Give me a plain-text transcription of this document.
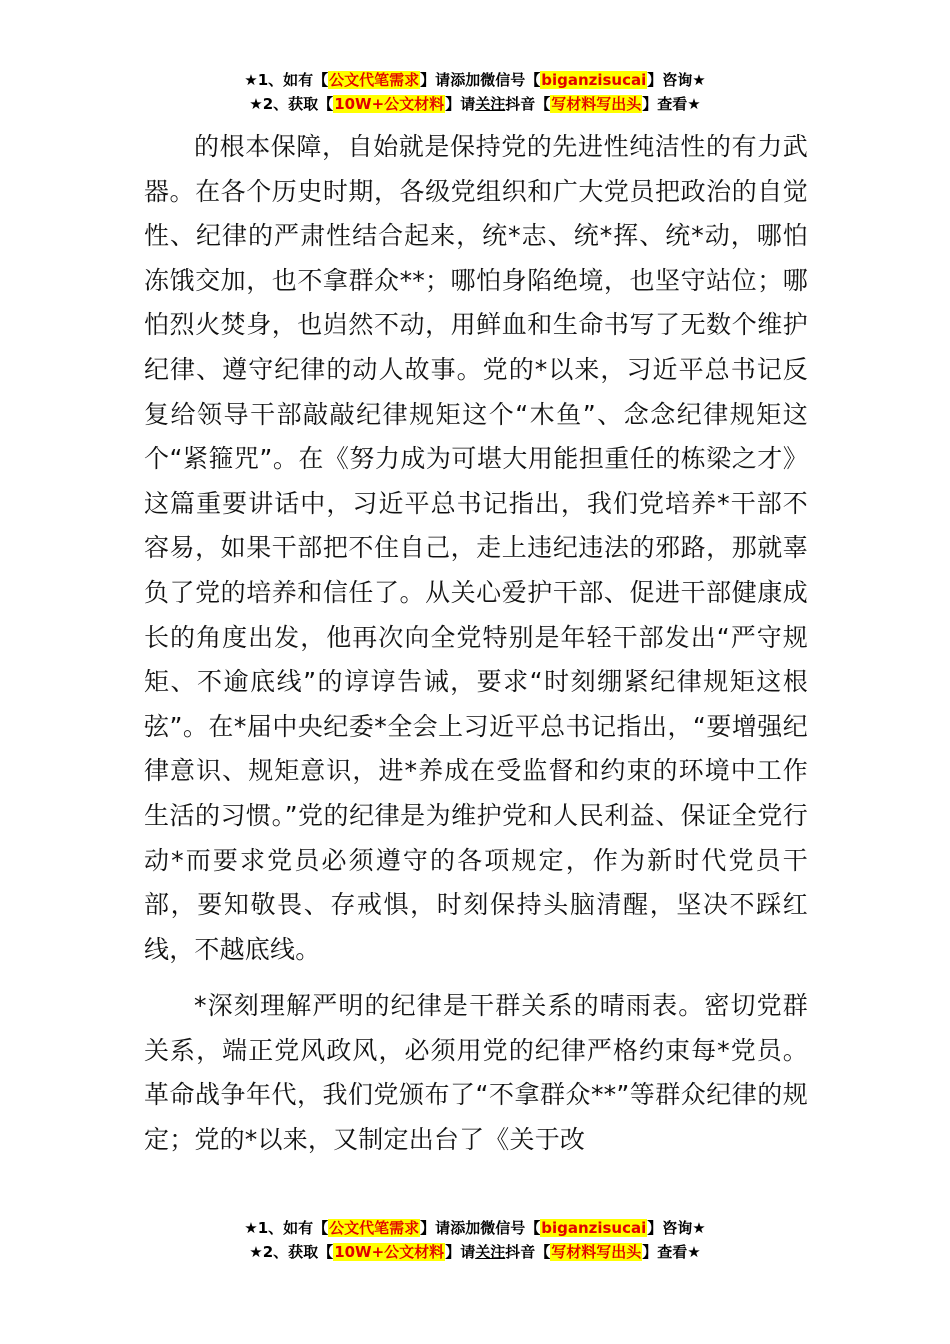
★1、如有【公文代笔需求】请添加微信号【biganzisucai】咨询★
★2、获取【10W+公文材料】请关注抖音【写材料写出头】查看★

的根本保障，自始就是保持党的先进性纯洁性的有力武器。在各个历史时期，各级党组织和广大党员把政治的自觉性、纪律的严肃性结合起来，统*志、统*挥、统*动，哪怕冻饿交加，也不拿群众**；哪怕身陷绝境，也坚守站位；哪怕烈火焚身，也岿然不动，用鲜血和生命书写了无数个维护纪律、遵守纪律的动人故事。党的*以来，习近平总书记反复给领导干部敲敲纪律规矩这个“木鱼”、念念纪律规矩这个“紧箍咒”。在《努力成为可堪大用能担重任的栋梁之才》这篇重要讲话中，习近平总书记指出，我们党培养*干部不容易，如果干部把不住自己，走上违纪违法的邪路，那就辜负了党的培养和信任了。从关心爱护干部、促进干部健康成长的角度出发，他再次向全党特别是年轻干部发出“严守规矩、不逾底线”的谆谆告诫，要求“时刻绷紧纪律规矩这根弦”。在*届中央纪委*全会上习近平总书记指出，“要增强纪律意识、规矩意识，进*养成在受监督和约束的环境中工作生活的习惯。”党的纪律是为维护党和人民利益、保证全党行动*而要求党员必须遵守的各项规定，作为新时代党员干部，要知敬畏、存戒惧，时刻保持头脑清醒，坚决不踩红线，不越底线。

*深刻理解严明的纪律是干群关系的晴雨表。密切党群关系，端正党风政风，必须用党的纪律严格约束每*党员。革命战争年代，我们党颁布了“不拿群众**”等群众纪律的规定；党的*以来，又制定出台了《关于改

★1、如有【公文代笔需求】请添加微信号【biganzisucai】咨询★
★2、获取【10W+公文材料】请关注抖音【写材料写出头】查看★
